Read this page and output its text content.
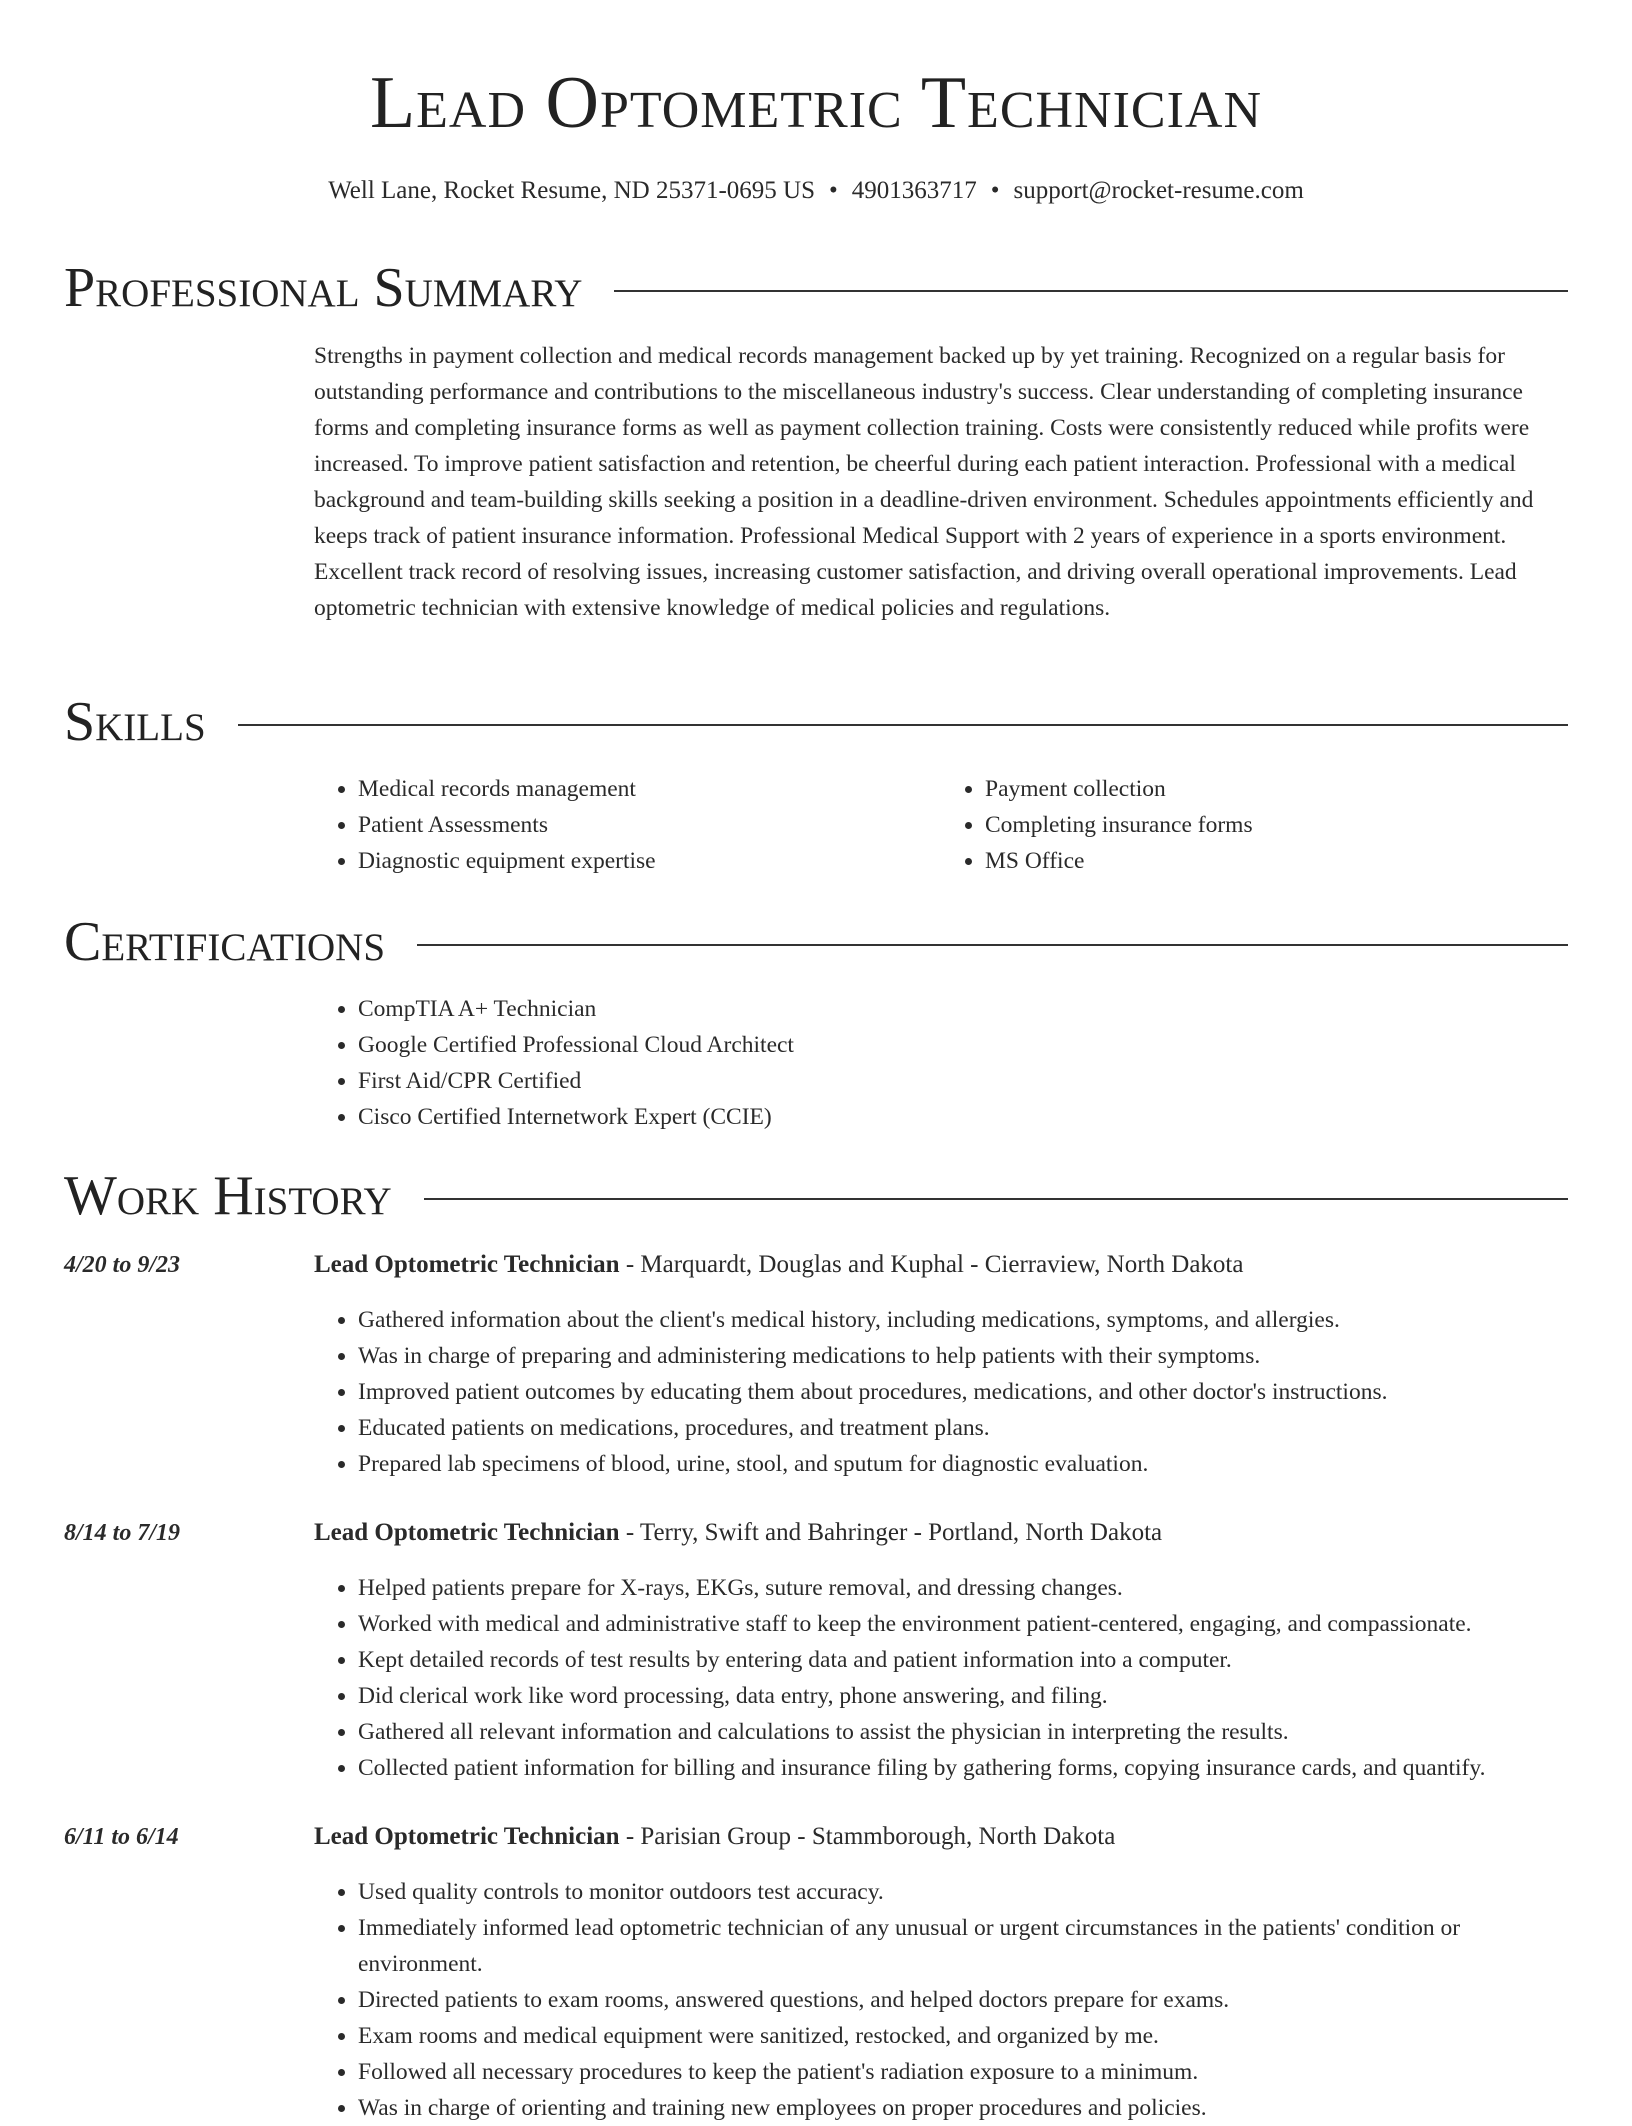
Lead Optometric Technician
Well Lane, Rocket Resume, ND 25371-0695 US • 4901363717 • support@rocket-resume.com
Professional Summary

Strengths in payment collection and medical records management backed up by yet training. Recognized on a regular basis for outstanding performance and contributions to the miscellaneous industry's success. Clear understanding of completing insurance forms and completing insurance forms as well as payment collection training. Costs were consistently reduced while profits were increased. To improve patient satisfaction and retention, be cheerful during each patient interaction. Professional with a medical background and team-building skills seeking a position in a deadline-driven environment. Schedules appointments efficiently and keeps track of patient insurance information. Professional Medical Support with 2 years of experience in a sports environment. Excellent track record of resolving issues, increasing customer satisfaction, and driving overall operational improvements. Lead optometric technician with extensive knowledge of medical policies and regulations.

Skills
• Medical records management
• Patient Assessments
• Diagnostic equipment expertise
• Payment collection
• Completing insurance forms
• MS Office
Certifications
• CompTIA A+ Technician
• Google Certified Professional Cloud Architect
• First Aid/CPR Certified
• Cisco Certified Internetwork Expert (CCIE)
Work History
4/20 to 9/23	Lead Optometric Technician - Marquardt, Douglas and Kuphal - Cierraview, North Dakota
• Gathered information about the client's medical history, including medications, symptoms, and allergies.
• Was in charge of preparing and administering medications to help patients with their symptoms.
• Improved patient outcomes by educating them about procedures, medications, and other doctor's instructions.
• Educated patients on medications, procedures, and treatment plans.
• Prepared lab specimens of blood, urine, stool, and sputum for diagnostic evaluation.
8/14 to 7/19	Lead Optometric Technician - Terry, Swift and Bahringer - Portland, North Dakota
• Helped patients prepare for X-rays, EKGs, suture removal, and dressing changes.
• Worked with medical and administrative staff to keep the environment patient-centered, engaging, and compassionate.
• Kept detailed records of test results by entering data and patient information into a computer.
• Did clerical work like word processing, data entry, phone answering, and filing.
• Gathered all relevant information and calculations to assist the physician in interpreting the results.
• Collected patient information for billing and insurance filing by gathering forms, copying insurance cards, and quantify.
6/11 to 6/14	Lead Optometric Technician - Parisian Group - Stammborough, North Dakota
• Used quality controls to monitor outdoors test accuracy.
• Immediately informed lead optometric technician of any unusual or urgent circumstances in the patients' condition or environment.
• Directed patients to exam rooms, answered questions, and helped doctors prepare for exams.
• Exam rooms and medical equipment were sanitized, restocked, and organized by me.
• Followed all necessary procedures to keep the patient's radiation exposure to a minimum.
• Was in charge of orienting and training new employees on proper procedures and policies.
